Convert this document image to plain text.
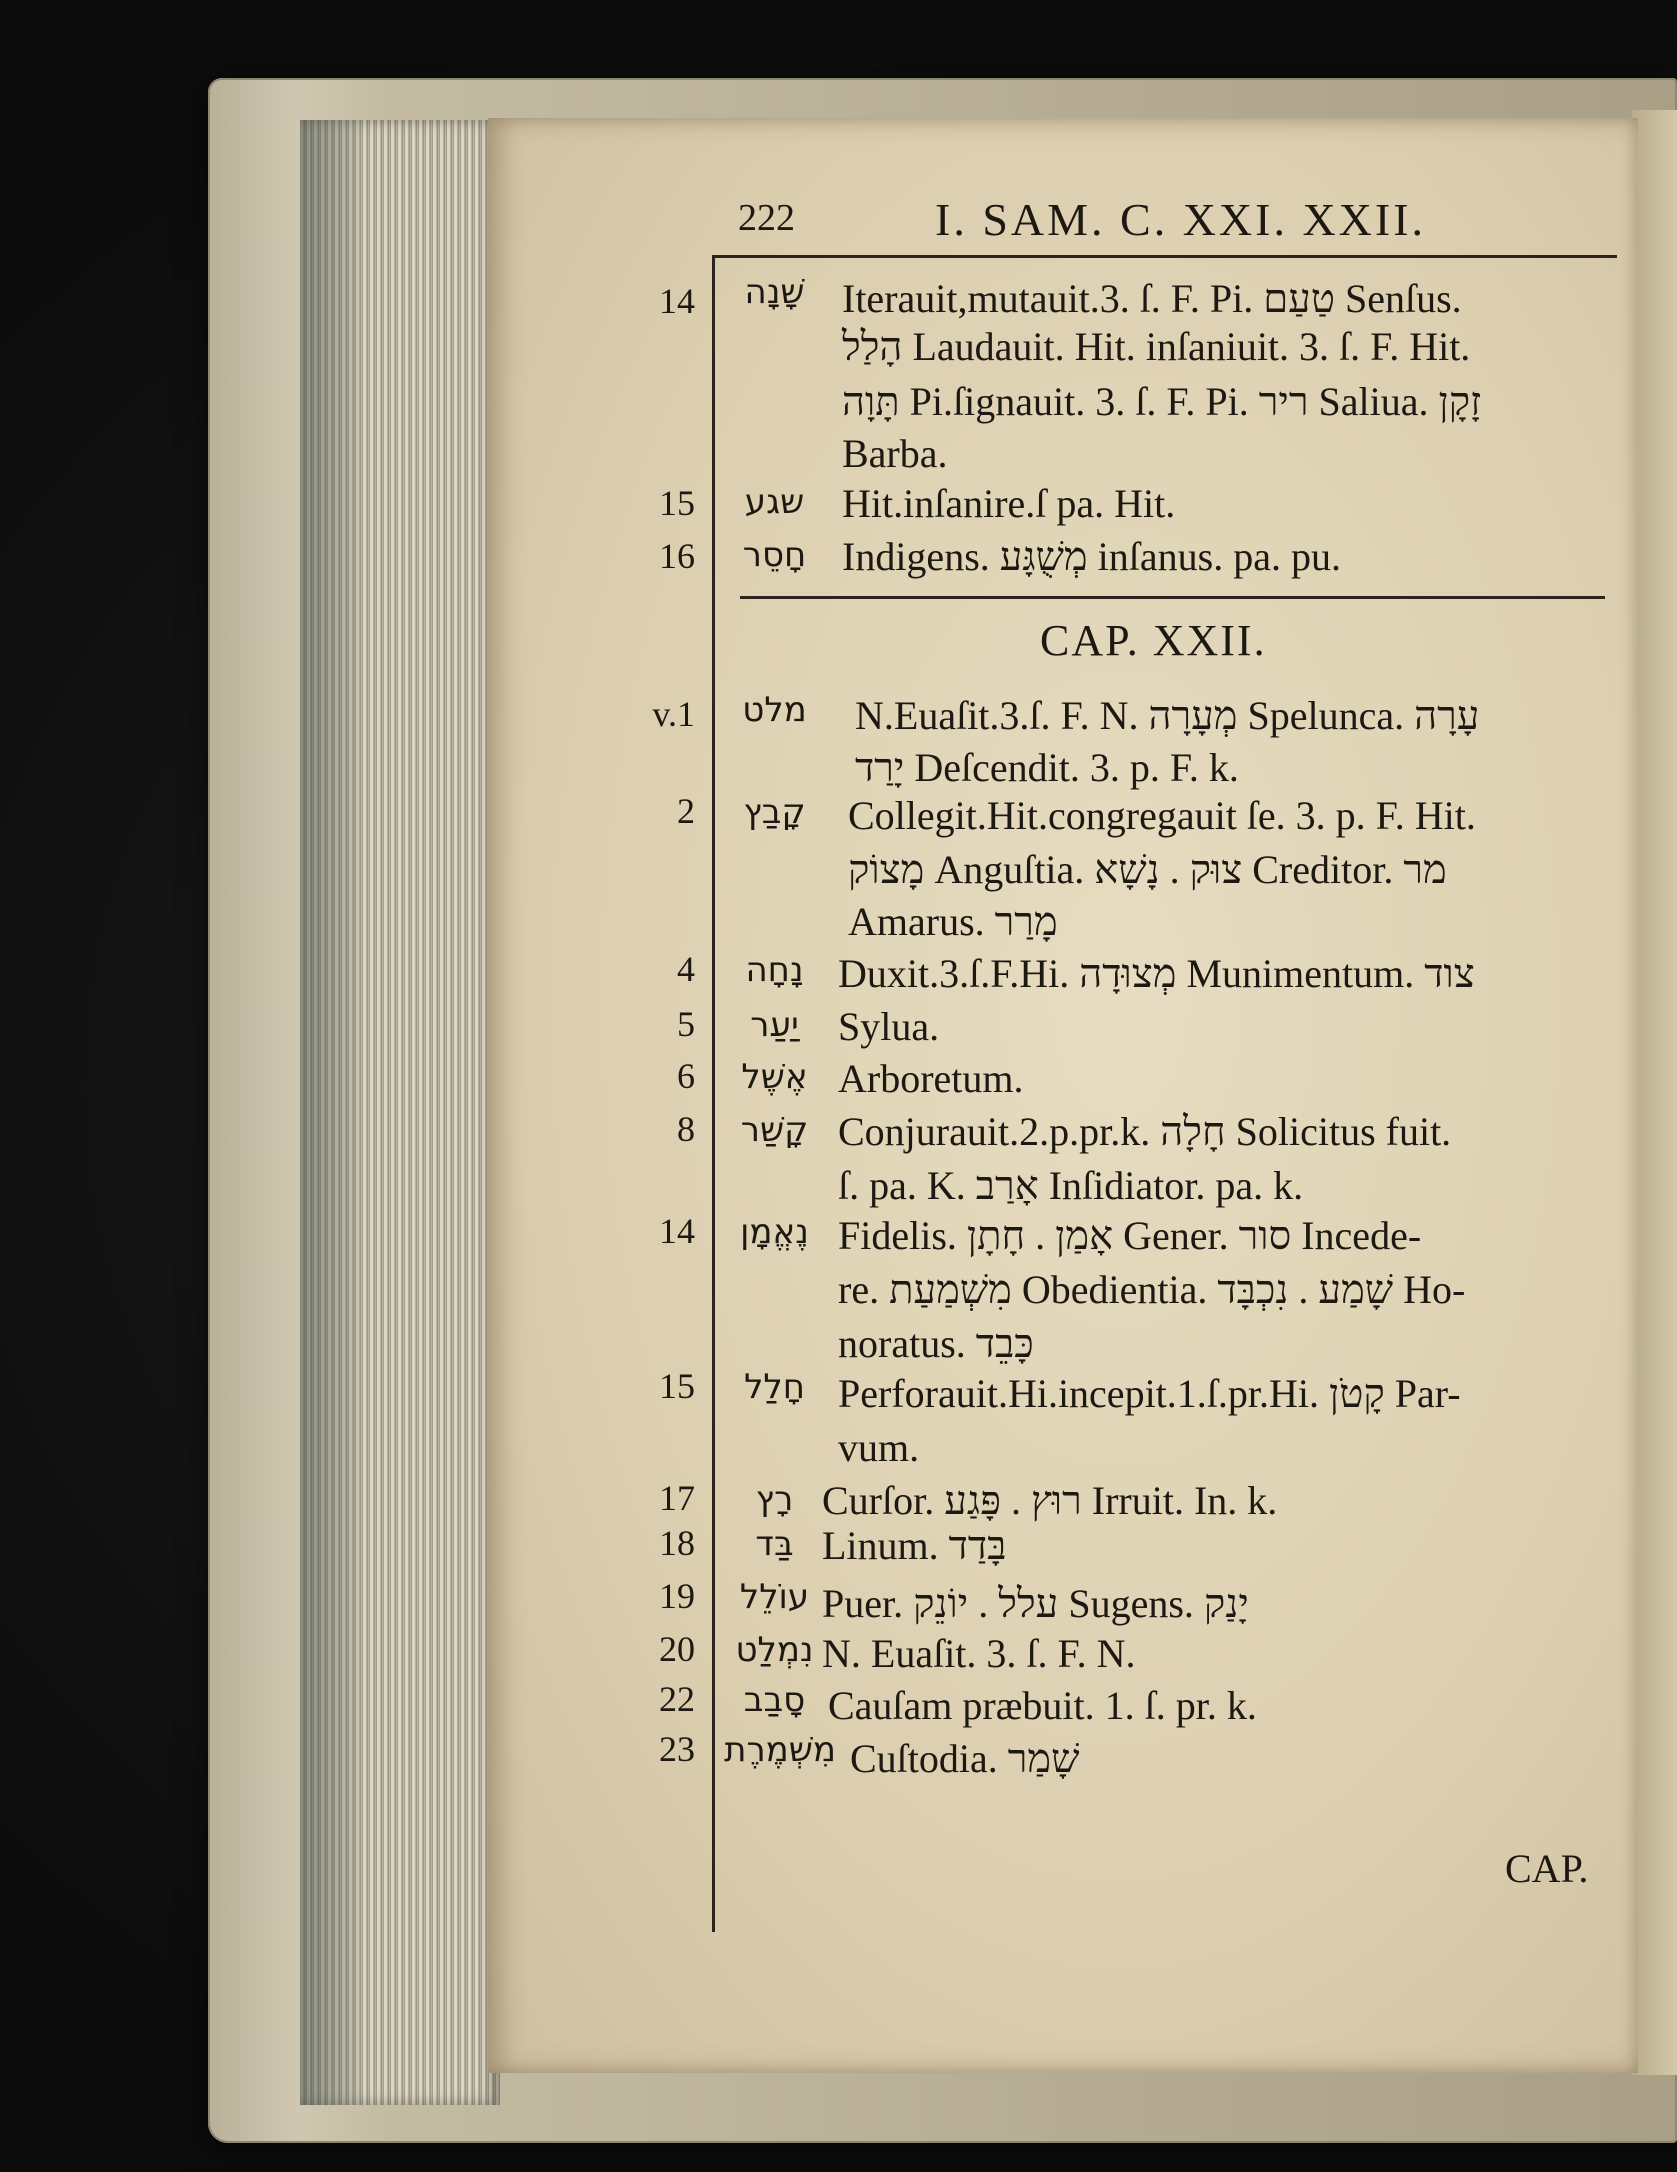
222	I. SAM. C. XXI. XXII.
CAP. XXII.
14	שָׁנָה Iterauit,mutauit.3. ſ. F. Pi. טַעַם Senſus.
הָלַל Laudauit. Hit. inſaniuit. 3. ſ. F. Hit.
תָּוָה Pi.ſignauit. 3. ſ. F. Pi. ריר Saliua. זָקָן
Barba.
15	שגע Hit.inſanire.ſ pa. Hit.
16	חָסֵר Indigens. מְשֻׁגָּע inſanus. pa. pu.
v.1	מלט	N.Euaſit.3.ſ. F. N. מְעָרָה Spelunca. עָרָה
יָרַד Deſcendit. 3. p. F. k.
2	קָבַץ	Collegit.Hit.congregauit ſe. 3. p. F. Hit.
מָצוֹק Anguſtia. צוּק . נָשָׁא Creditor. מר
Amarus. מָרַר
4	נָחָה Duxit.3.ſ.F.Hi. מְצוּדָה Munimentum. צוד
5	יַעַר Sylua.
6	אֶשֶׁל Arboretum.
8	קָשַׁר Conjurauit.2.p.pr.k. חָלָה Solicitus fuit.
ſ. pa. K. אָרַב Inſidiator. pa. k.
14	נֶאֱמָן Fidelis. אָמַן . חָתָן Gener. סור Incede-
re. מִשְׁמַעַת Obedientia. שָׁמַע . נִכְבָּד Ho-
noratus. כָּבֵד
15	חָלַל Perforauit.Hi.incepit.1.ſ.pr.Hi. קָטֹן Par-
vum.
17	רָץ Curſor. רוּץ . פָּגַע Irruit. In. k.
18	בַּד Linum. בָּדַד
19	עוֹלֵל Puer. עלל . יוֹנֵק Sugens. יָנַק
20	נִמְלַט N. Euaſit. 3. ſ. F. N.
22	סָבַב Cauſam præbuit. 1. ſ. pr. k.
23 מִשְׁמֶרֶת Cuſtodia. שָׁמַר
CAP.
